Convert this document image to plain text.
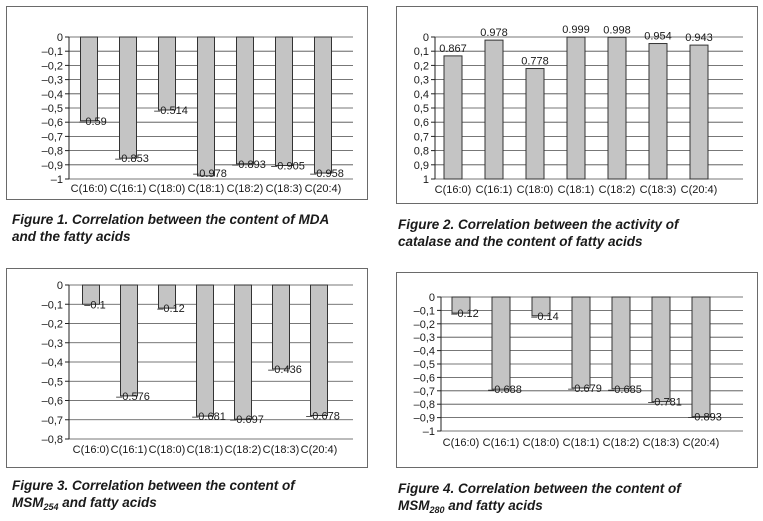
0
–0,1
–0,2
–0,3
–0,4
–0,5
–0,6
–0,7
–0,8
–0,9
–1
–0.59
C(16:0)
–0.853
C(16:1)
–0.514
C(18:0)
–0.978
C(18:1)
–0.893
C(18:2)
–0.905
C(18:3)
–0.958
C(20:4)
Figure 1. Correlation between the content of MDA
and the fatty acids
0
0,1
0,2
0,3
0,4
0,5
0,6
0,7
0,8
0,9
1
0.867
C(16:0)
0.978
C(16:1)
0.778
C(18:0)
0.999
C(18:1)
0.998
C(18:2)
0.954
C(18:3)
0.943
C(20:4)
Figure 2. Correlation between the activity of
catalase and the content of fatty acids
0
–0,1
–0,2
–0,3
–0,4
–0,5
–0,6
–0,7
–0,8
–0.1
C(16:0)
–0.576
C(16:1)
–0.12
C(18:0)
–0.681
C(18:1)
–0.697
C(18:2)
–0.436
C(18:3)
–0.678
C(20:4)
Figure 3. Correlation between the content of
$MSM_{254}$ and fatty acids
0
–0,1
–0,2
–0,3
–0,4
–0,5
–0,6
–0,7
–0,8
–0,9
–1
–0.12
C(16:0)
–0.688
C(16:1)
–0.14
C(18:0)
–0.679
C(18:1)
–0.685
C(18:2)
–0.781
C(18:3)
–0.893
C(20:4)
Figure 4. Correlation between the content of
$MSM_{280}$ and fatty acids
